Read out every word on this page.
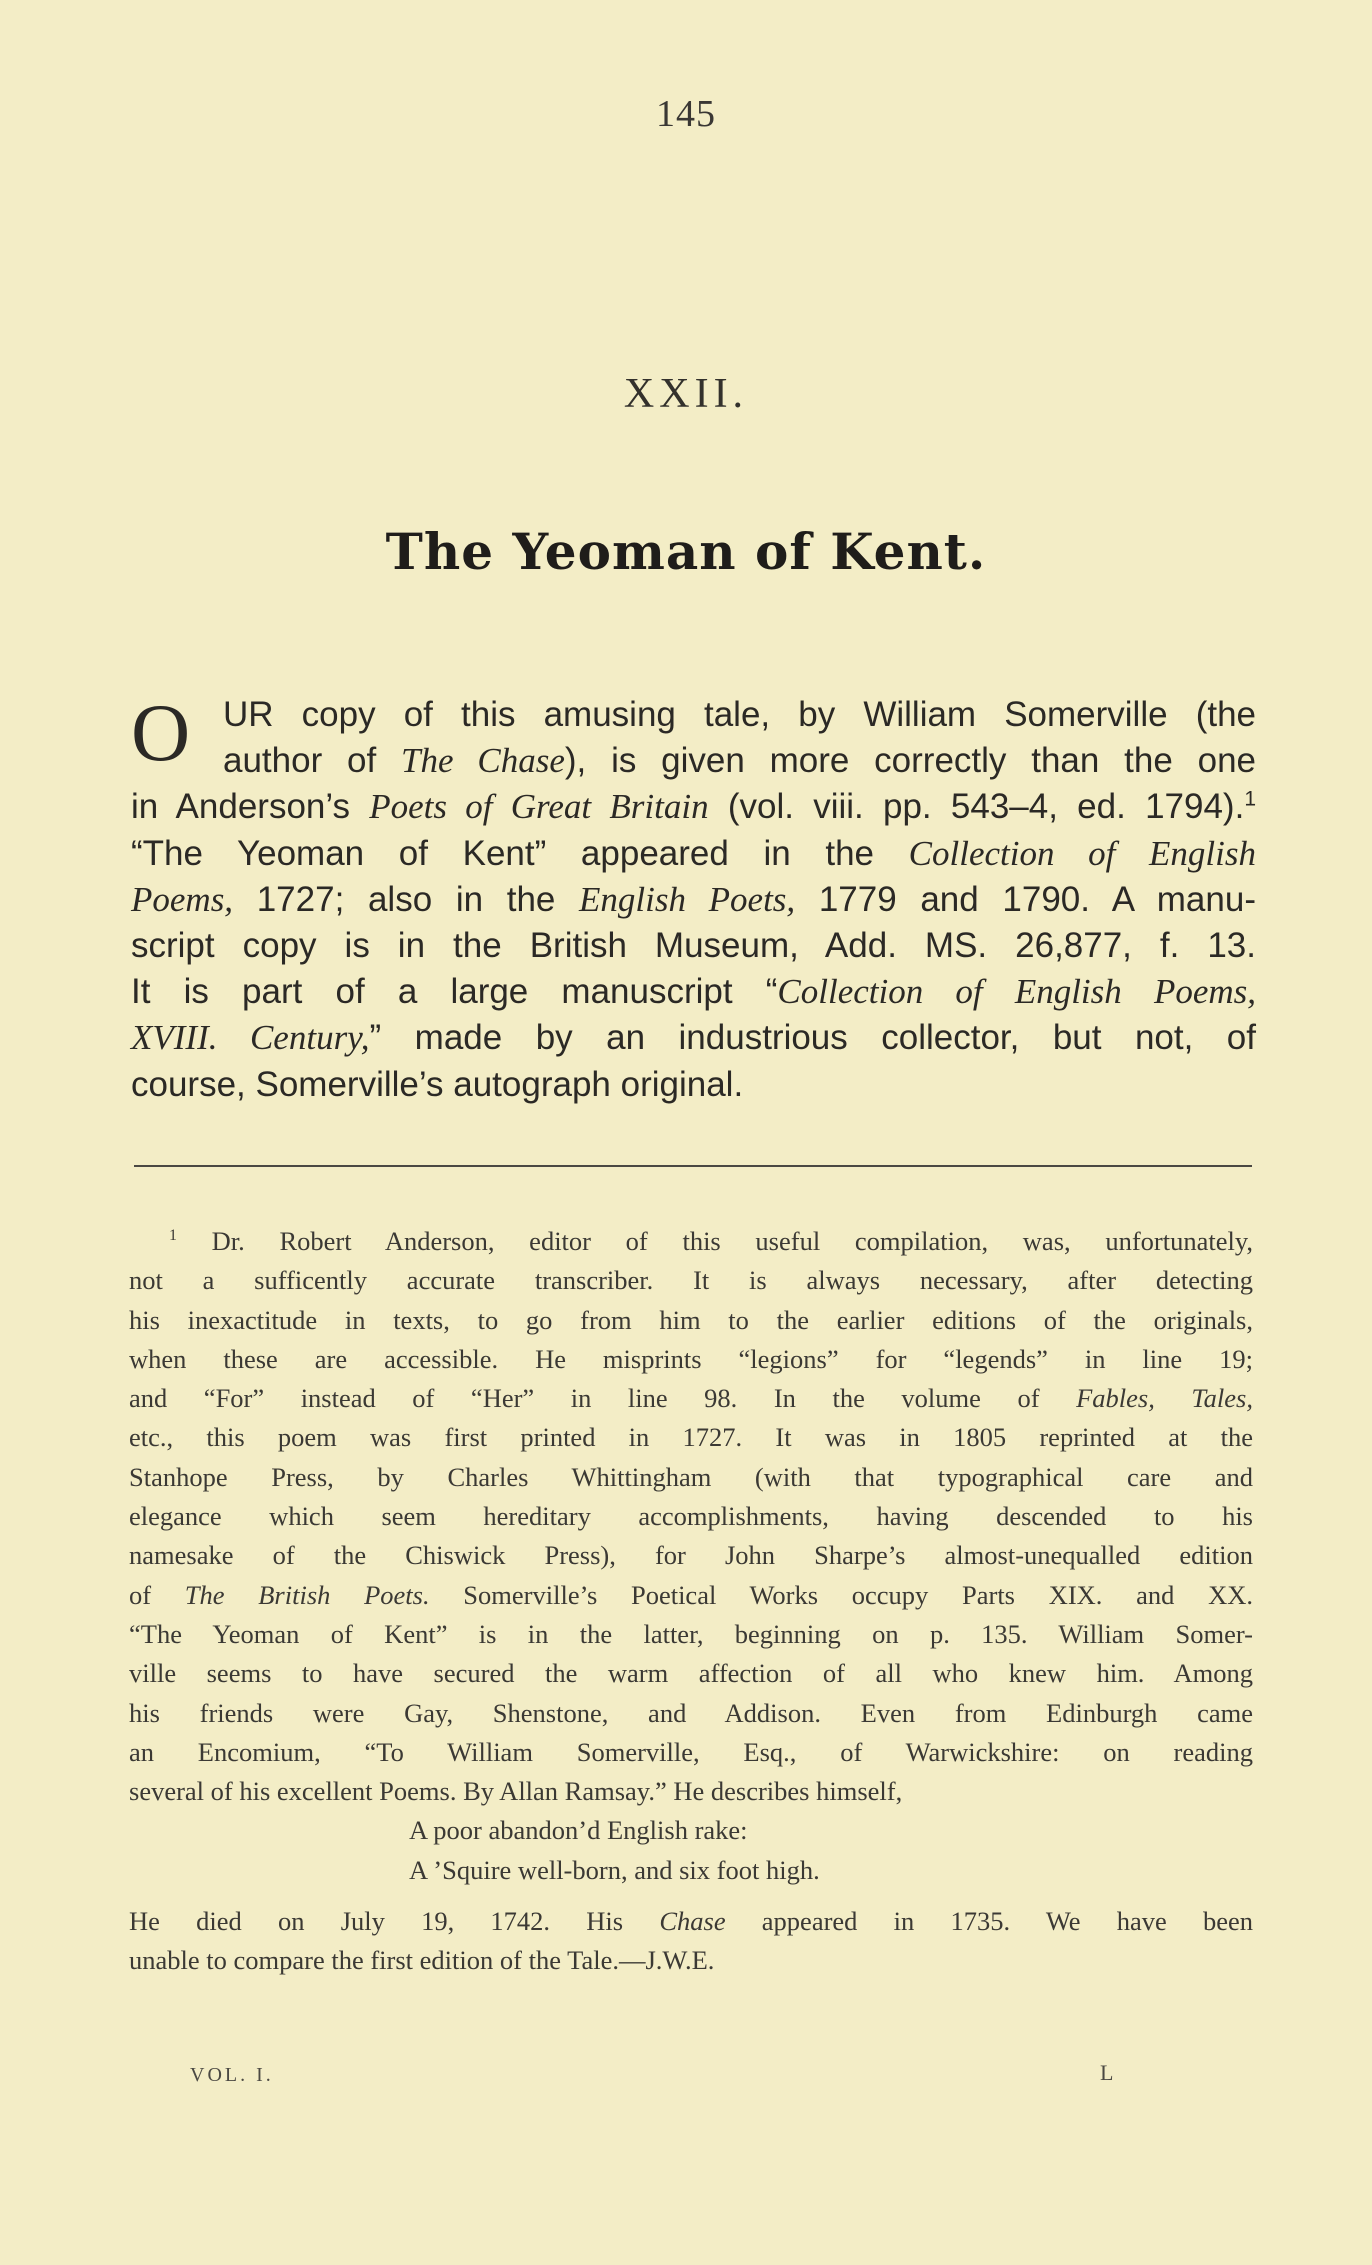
145
XXII.
The Yeoman of Kent.
O UR copy of this amusing tale, by William Somerville (the
author of The Chase), is given more correctly than the one
in Anderson’s Poets of Great Britain (vol. viii. pp. 543–4, ed. 1794).$^1$
“The Yeoman of Kent” appeared in the Collection of English
Poems, 1727; also in the English Poets, 1779 and 1790. A manu-
script copy is in the British Museum, Add. MS. 26,877, f. 13.
It is part of a large manuscript “Collection of English Poems,
XVIII. Century,” made by an industrious collector, but not, of
course, Somerville’s autograph original.
$^1$ Dr. Robert Anderson, editor of this useful compilation, was, unfortunately,
not a sufficently accurate transcriber. It is always necessary, after detecting
his inexactitude in texts, to go from him to the earlier editions of the originals,
when these are accessible. He misprints “legions” for “legends” in line 19;
and “For” instead of “Her” in line 98. In the volume of Fables, Tales,
etc., this poem was first printed in 1727. It was in 1805 reprinted at the
Stanhope Press, by Charles Whittingham (with that typographical care and
elegance which seem hereditary accomplishments, having descended to his
namesake of the Chiswick Press), for John Sharpe’s almost-unequalled edition
of The British Poets. Somerville’s Poetical Works occupy Parts XIX. and XX.
“The Yeoman of Kent” is in the latter, beginning on p. 135. William Somer-
ville seems to have secured the warm affection of all who knew him. Among
his friends were Gay, Shenstone, and Addison. Even from Edinburgh came
an Encomium, “To William Somerville, Esq., of Warwickshire: on reading
several of his excellent Poems. By Allan Ramsay.” He describes himself,
A poor abandon’d English rake:
A ’Squire well-born, and six foot high.
He died on July 19, 1742. His Chase appeared in 1735. We have been
unable to compare the first edition of the Tale.—J.W.E.
VOL. I.	L
